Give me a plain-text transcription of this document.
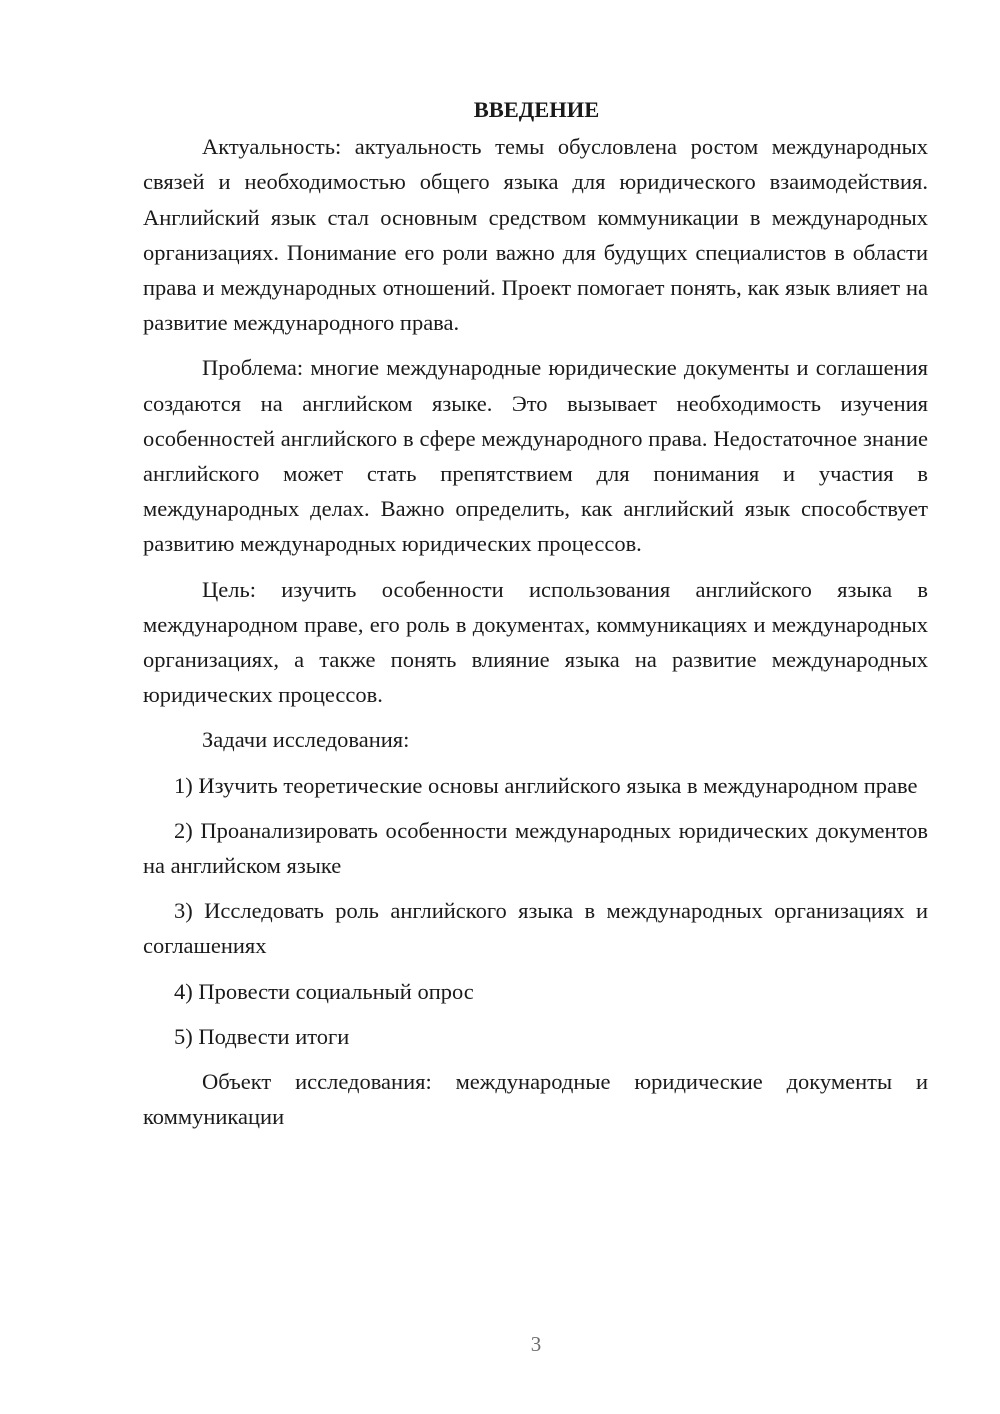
ВВЕДЕНИЕ

Актуальность: актуальность темы обусловлена ростом международных связей и необходимостью общего языка для юридического взаимодействия. Английский язык стал основным средством коммуникации в международных организациях. Понимание его роли важно для будущих специалистов в области права и международных отношений. Проект помогает понять, как язык влияет на развитие международного права.

Проблема: многие международные юридические документы и соглашения создаются на английском языке. Это вызывает необходимость изучения особенностей английского в сфере международного права. Недостаточное знание английского может стать препятствием для понимания и участия в международных делах. Важно определить, как английский язык способствует развитию международных юридических процессов.

Цель: изучить особенности использования английского языка в международном праве, его роль в документах, коммуникациях и международных организациях, а также понять влияние языка на развитие международных юридических процессов.

Задачи исследования:

1) Изучить теоретические основы английского языка в международном праве

2) Проанализировать особенности международных юридических документов на английском языке

3) Исследовать роль английского языка в международных организациях и соглашениях

4) Провести социальный опрос

5) Подвести итоги

Объект исследования: международные юридические документы и коммуникации

3
